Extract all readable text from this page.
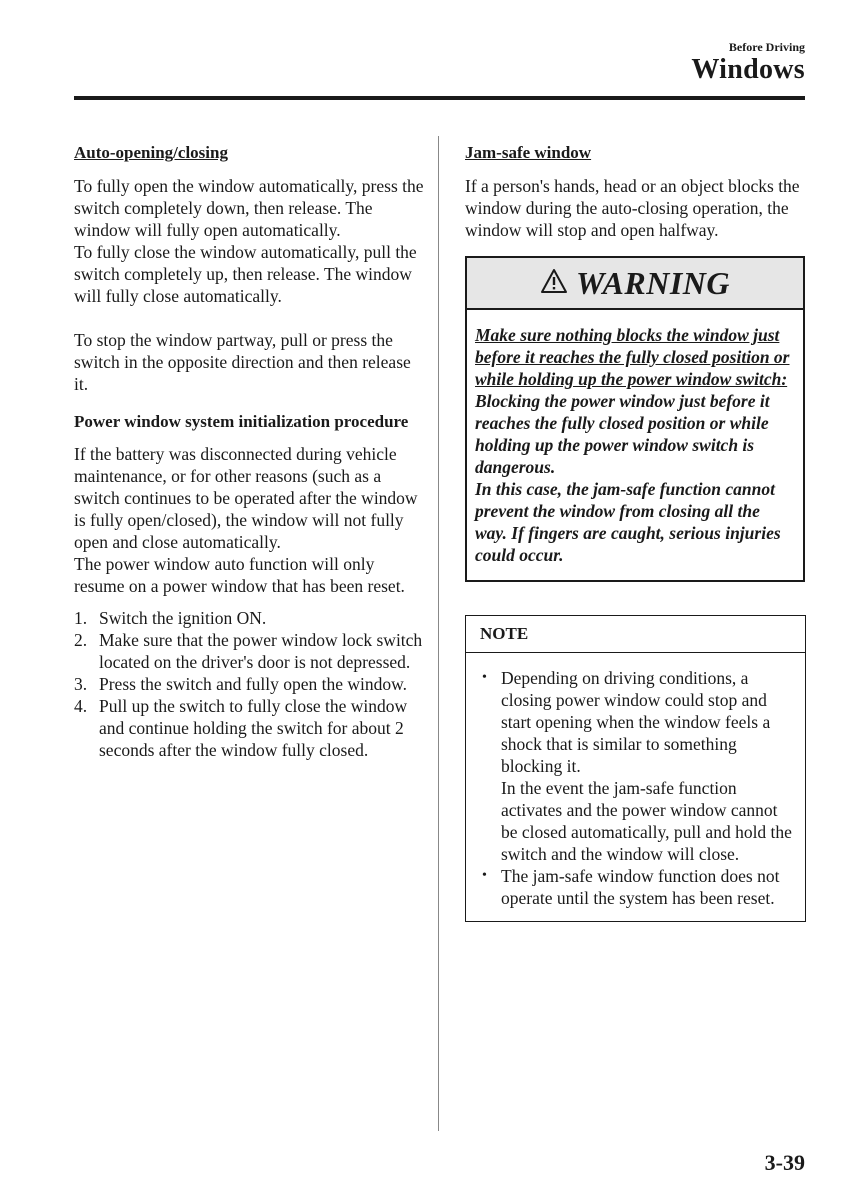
Before Driving
Windows
Auto-opening/closing

To fully open the window automatically, press the switch completely down, then release. The window will fully open automatically.

To fully close the window automatically, pull the switch completely up, then release. The window will fully close automatically.

To stop the window partway, pull or press the switch in the opposite direction and then release it.

Power window system initialization procedure

If the battery was disconnected during vehicle maintenance, or for other reasons (such as a switch continues to be operated after the window is fully open/closed), the window will not fully open and close automatically.

The power window auto function will only resume on a power window that has been reset.

1. Switch the ignition ON.
2. Make sure that the power window lock switch located on the driver's door is not depressed.
3. Press the switch and fully open the window.
4. Pull up the switch to fully close the window and continue holding the switch for about 2 seconds after the window fully closed.
Jam-safe window

If a person's hands, head or an object blocks the window during the auto-closing operation, the window will stop and open halfway.

WARNING
Make sure nothing blocks the window just before it reaches the fully closed position or while holding up the power window switch:
Blocking the power window just before it reaches the fully closed position or while holding up the power window switch is dangerous.
In this case, the jam-safe function cannot prevent the window from closing all the way. If fingers are caught, serious injuries could occur.
NOTE
• Depending on driving conditions, a closing power window could stop and start opening when the window feels a shock that is similar to something blocking it.
In the event the jam-safe function activates and the power window cannot be closed automatically, pull and hold the switch and the window will close.
• The jam-safe window function does not operate until the system has been reset.
3-39
